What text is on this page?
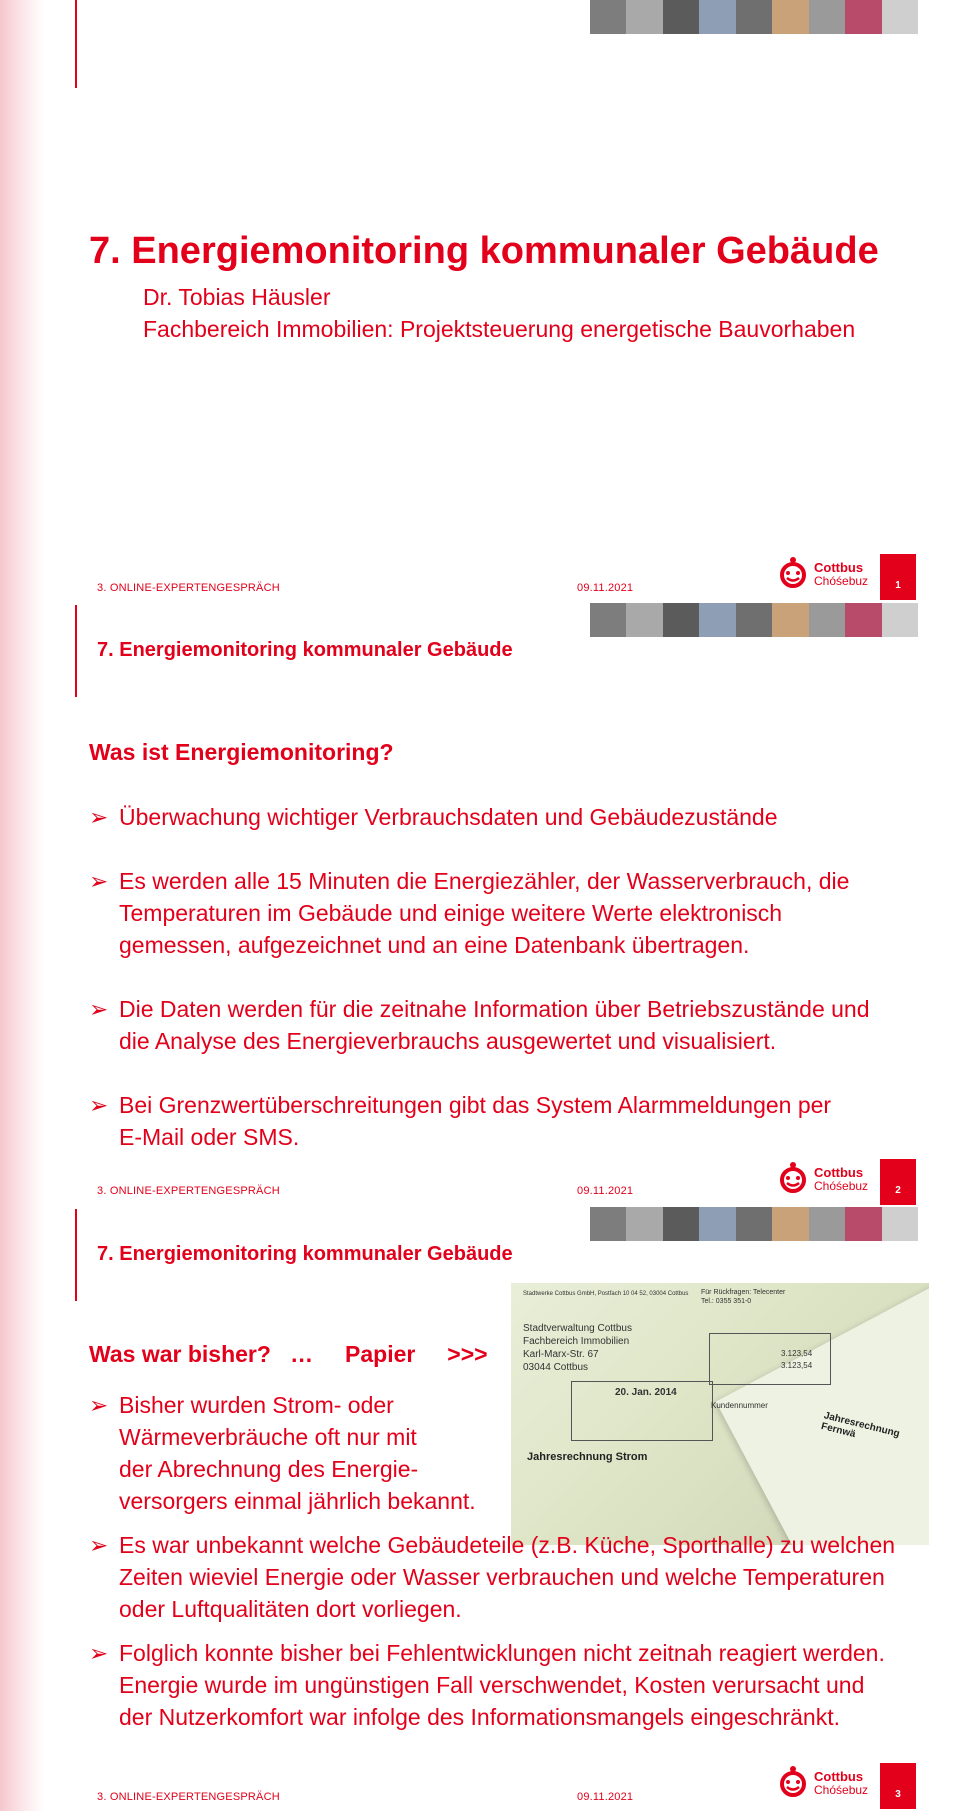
7. Energiemonitoring kommunaler Gebäude
Dr. Tobias Häusler
Fachbereich Immobilien: Projektsteuerung energetische Bauvorhaben
3. ONLINE-EXPERTENGESPRÄCH	09.11.2021
Cottbus
Chóśebuz	1
7. Energiemonitoring kommunaler Gebäude
Was ist Energiemonitoring?
➢ Überwachung wichtiger Verbrauchsdaten und Gebäudezustände
➢ Es werden alle 15 Minuten die Energiezähler, der Wasserverbrauch, die
Temperaturen im Gebäude und einige weitere Werte elektronisch
gemessen, aufgezeichnet und an eine Datenbank übertragen.
➢ Die Daten werden für die zeitnahe Information über Betriebszustände und
die Analyse des Energieverbrauchs ausgewertet und visualisiert.
➢ Bei Grenzwertüberschreitungen gibt das System Alarmmeldungen per
E-Mail oder SMS.
3. ONLINE-EXPERTENGESPRÄCH	09.11.2021
Cottbus
Chóśebuz	2
7. Energiemonitoring kommunaler Gebäude
Stadtwerke Cottbus GmbH, Postfach 10 04 52, 03004 Cottbus Für Rückfragen: Telecenter
Tel.: 0355 351-0
Stadtverwaltung Cottbus
Fachbereich Immobilien
Karl-Marx-Str. 67
03044 Cottbus
20. Jan. 2014
3.123,54
3.123,54
Kundennummer
Jahresrechnung Strom
Jahresrechnung Fernwä
Was war bisher?   …     Papier     >>>
➢ Bisher wurden Strom- oder
Wärmeverbräuche oft nur mit
der Abrechnung des Energie-
versorgers einmal jährlich bekannt.
➢ Es war unbekannt welche Gebäudeteile (z.B. Küche, Sporthalle) zu welchen
Zeiten wieviel Energie oder Wasser verbrauchen und welche Temperaturen
oder Luftqualitäten dort vorliegen.
➢ Folglich konnte bisher bei Fehlentwicklungen nicht zeitnah reagiert werden.
Energie wurde im ungünstigen Fall verschwendet, Kosten verursacht und
der Nutzerkomfort war infolge des Informationsmangels eingeschränkt.
3. ONLINE-EXPERTENGESPRÄCH	09.11.2021
Cottbus
Chóśebuz	3
